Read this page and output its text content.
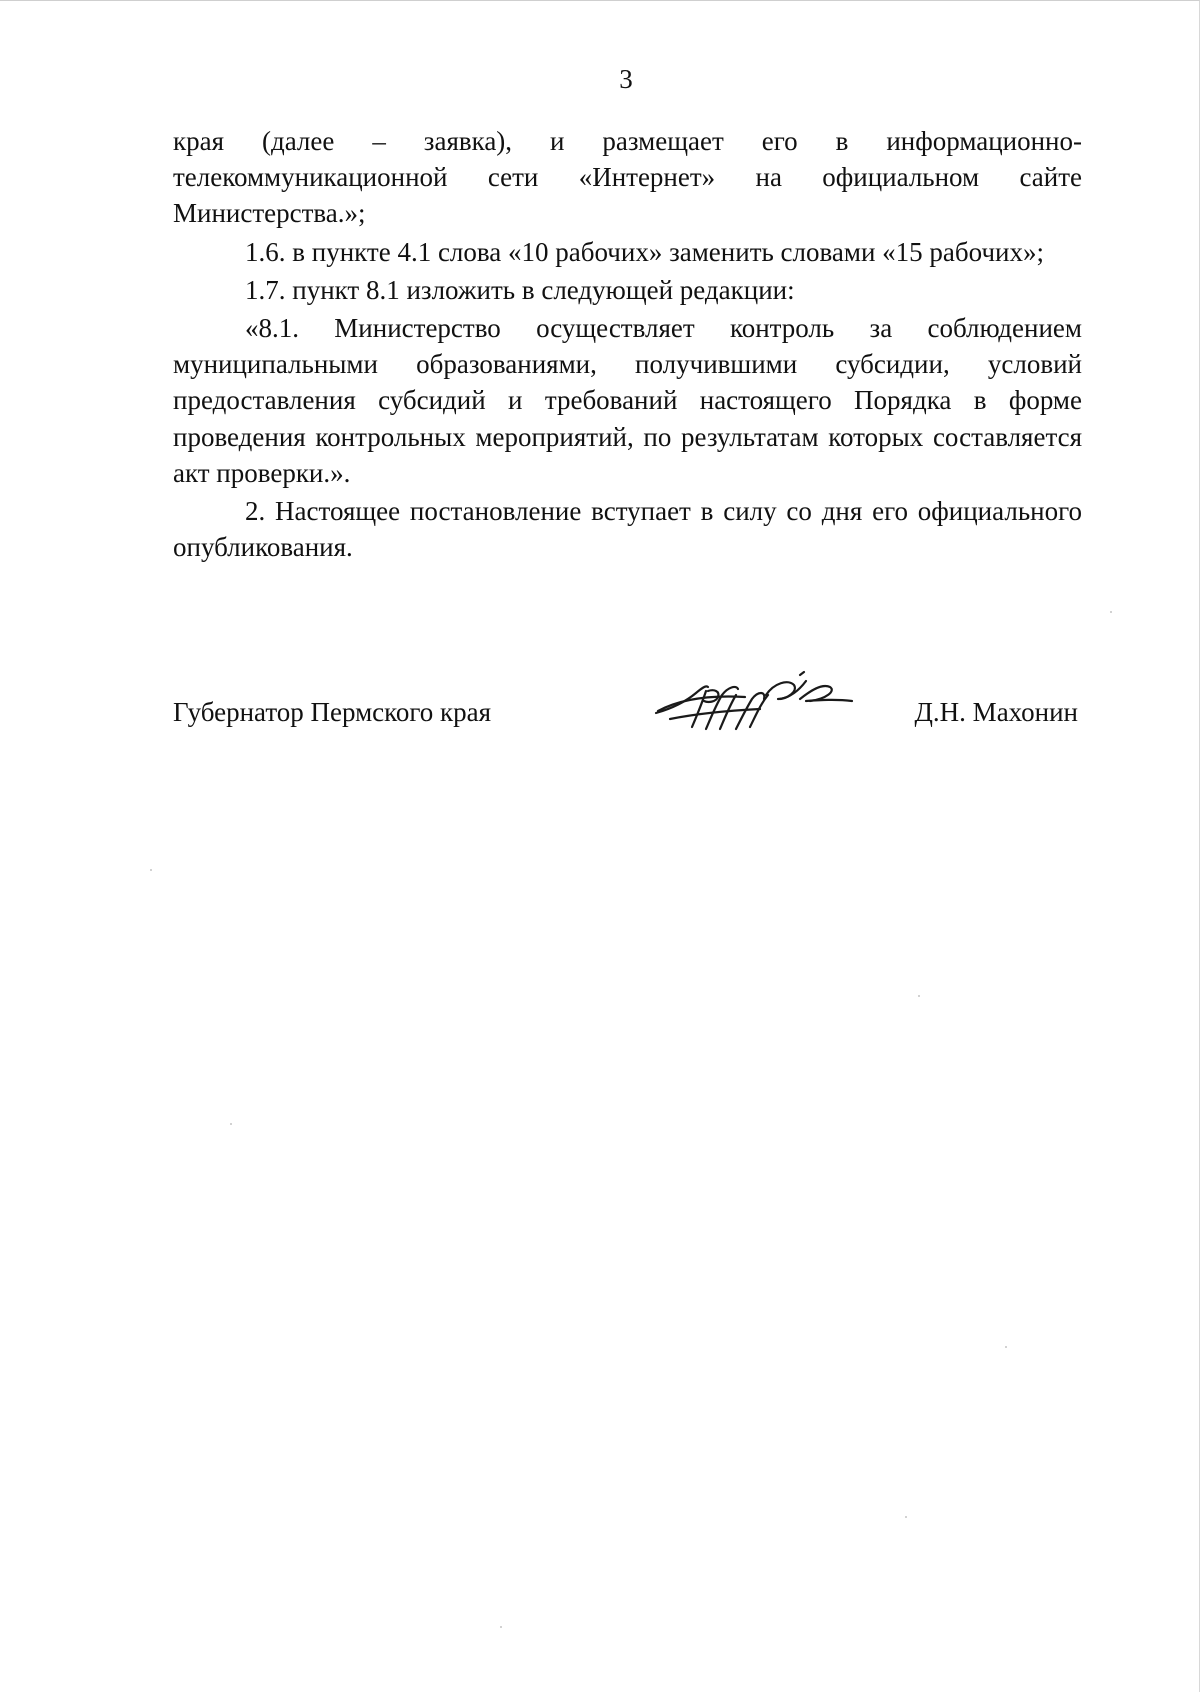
3

края (далее – заявка), и размещает его в информационно-телекоммуникационной сети «Интернет» на официальном сайте Министерства.»;

1.6. в пункте 4.1 слова «10 рабочих» заменить словами «15 рабочих»;

1.7. пункт 8.1 изложить в следующей редакции:

«8.1. Министерство осуществляет контроль за соблюдением муниципальными образованиями, получившими субсидии, условий предоставления субсидий и требований настоящего Порядка в форме проведения контрольных мероприятий, по результатам которых составляется акт проверки.».

2. Настоящее постановление вступает в силу со дня его официального опубликования.

Губернатор Пермского края	Д.Н. Махонин
